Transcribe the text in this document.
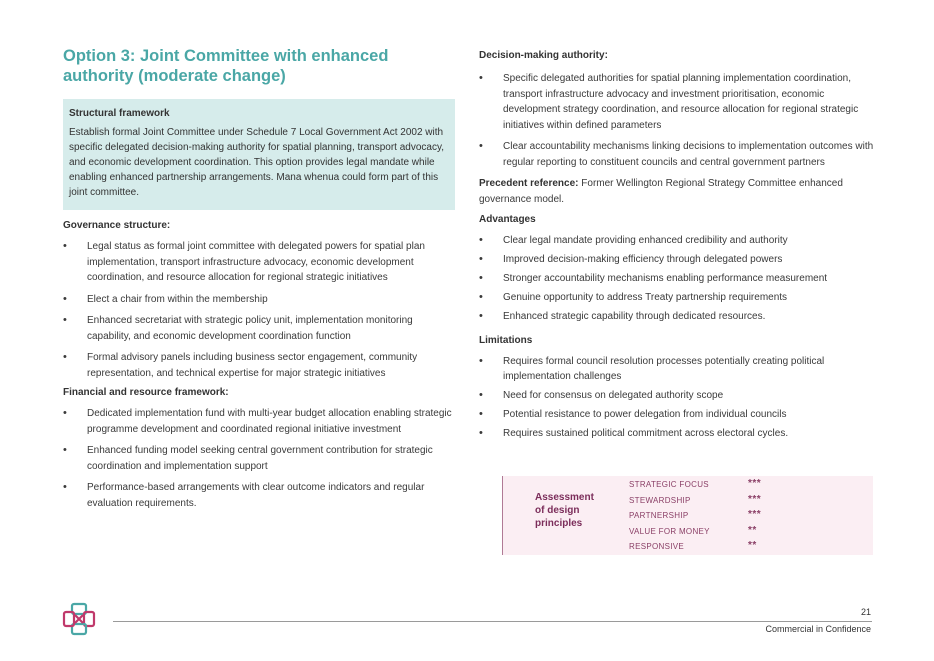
Option 3: Joint Committee with enhanced authority (moderate change)
Structural framework
Establish formal Joint Committee under Schedule 7 Local Government Act 2002 with specific delegated decision-making authority for spatial planning, transport advocacy, and economic development coordination. This option provides legal mandate while enabling enhanced partnership arrangements. Mana whenua could form part of this joint committee.
Governance structure:
• Legal status as formal joint committee with delegated powers for spatial plan implementation, transport infrastructure advocacy, economic development coordination, and resource allocation for regional strategic initiatives
• Elect a chair from within the membership
• Enhanced secretariat with strategic policy unit, implementation monitoring capability, and economic development coordination function
• Formal advisory panels including business sector engagement, community representation, and technical expertise for major strategic initiatives
Financial and resource framework:
• Dedicated implementation fund with multi-year budget allocation enabling strategic programme development and coordinated regional initiative investment
• Enhanced funding model seeking central government contribution for strategic coordination and implementation support
• Performance-based arrangements with clear outcome indicators and regular evaluation requirements.
Decision-making authority:
• Specific delegated authorities for spatial planning implementation coordination, transport infrastructure advocacy and investment prioritisation, economic development strategy coordination, and resource allocation for regional strategic initiatives within defined parameters
• Clear accountability mechanisms linking decisions to implementation outcomes with regular reporting to constituent councils and central government partners

Precedent reference: Former Wellington Regional Strategy Committee enhanced governance model.

Advantages
• Clear legal mandate providing enhanced credibility and authority
• Improved decision-making efficiency through delegated powers
• Stronger accountability mechanisms enabling performance measurement
• Genuine opportunity to address Treaty partnership requirements
• Enhanced strategic capability through dedicated resources.
Limitations
• Requires formal council resolution processes potentially creating political implementation challenges
• Need for consensus on delegated authority scope
• Potential resistance to power delegation from individual councils
• Requires sustained political commitment across electoral cycles.
Assessment of design principles
STRATEGIC FOCUS	***
STEWARDSHIP	***
PARTNERSHIP	***
VALUE FOR MONEY	**
RESPONSIVE	**
21
Commercial in Confidence
